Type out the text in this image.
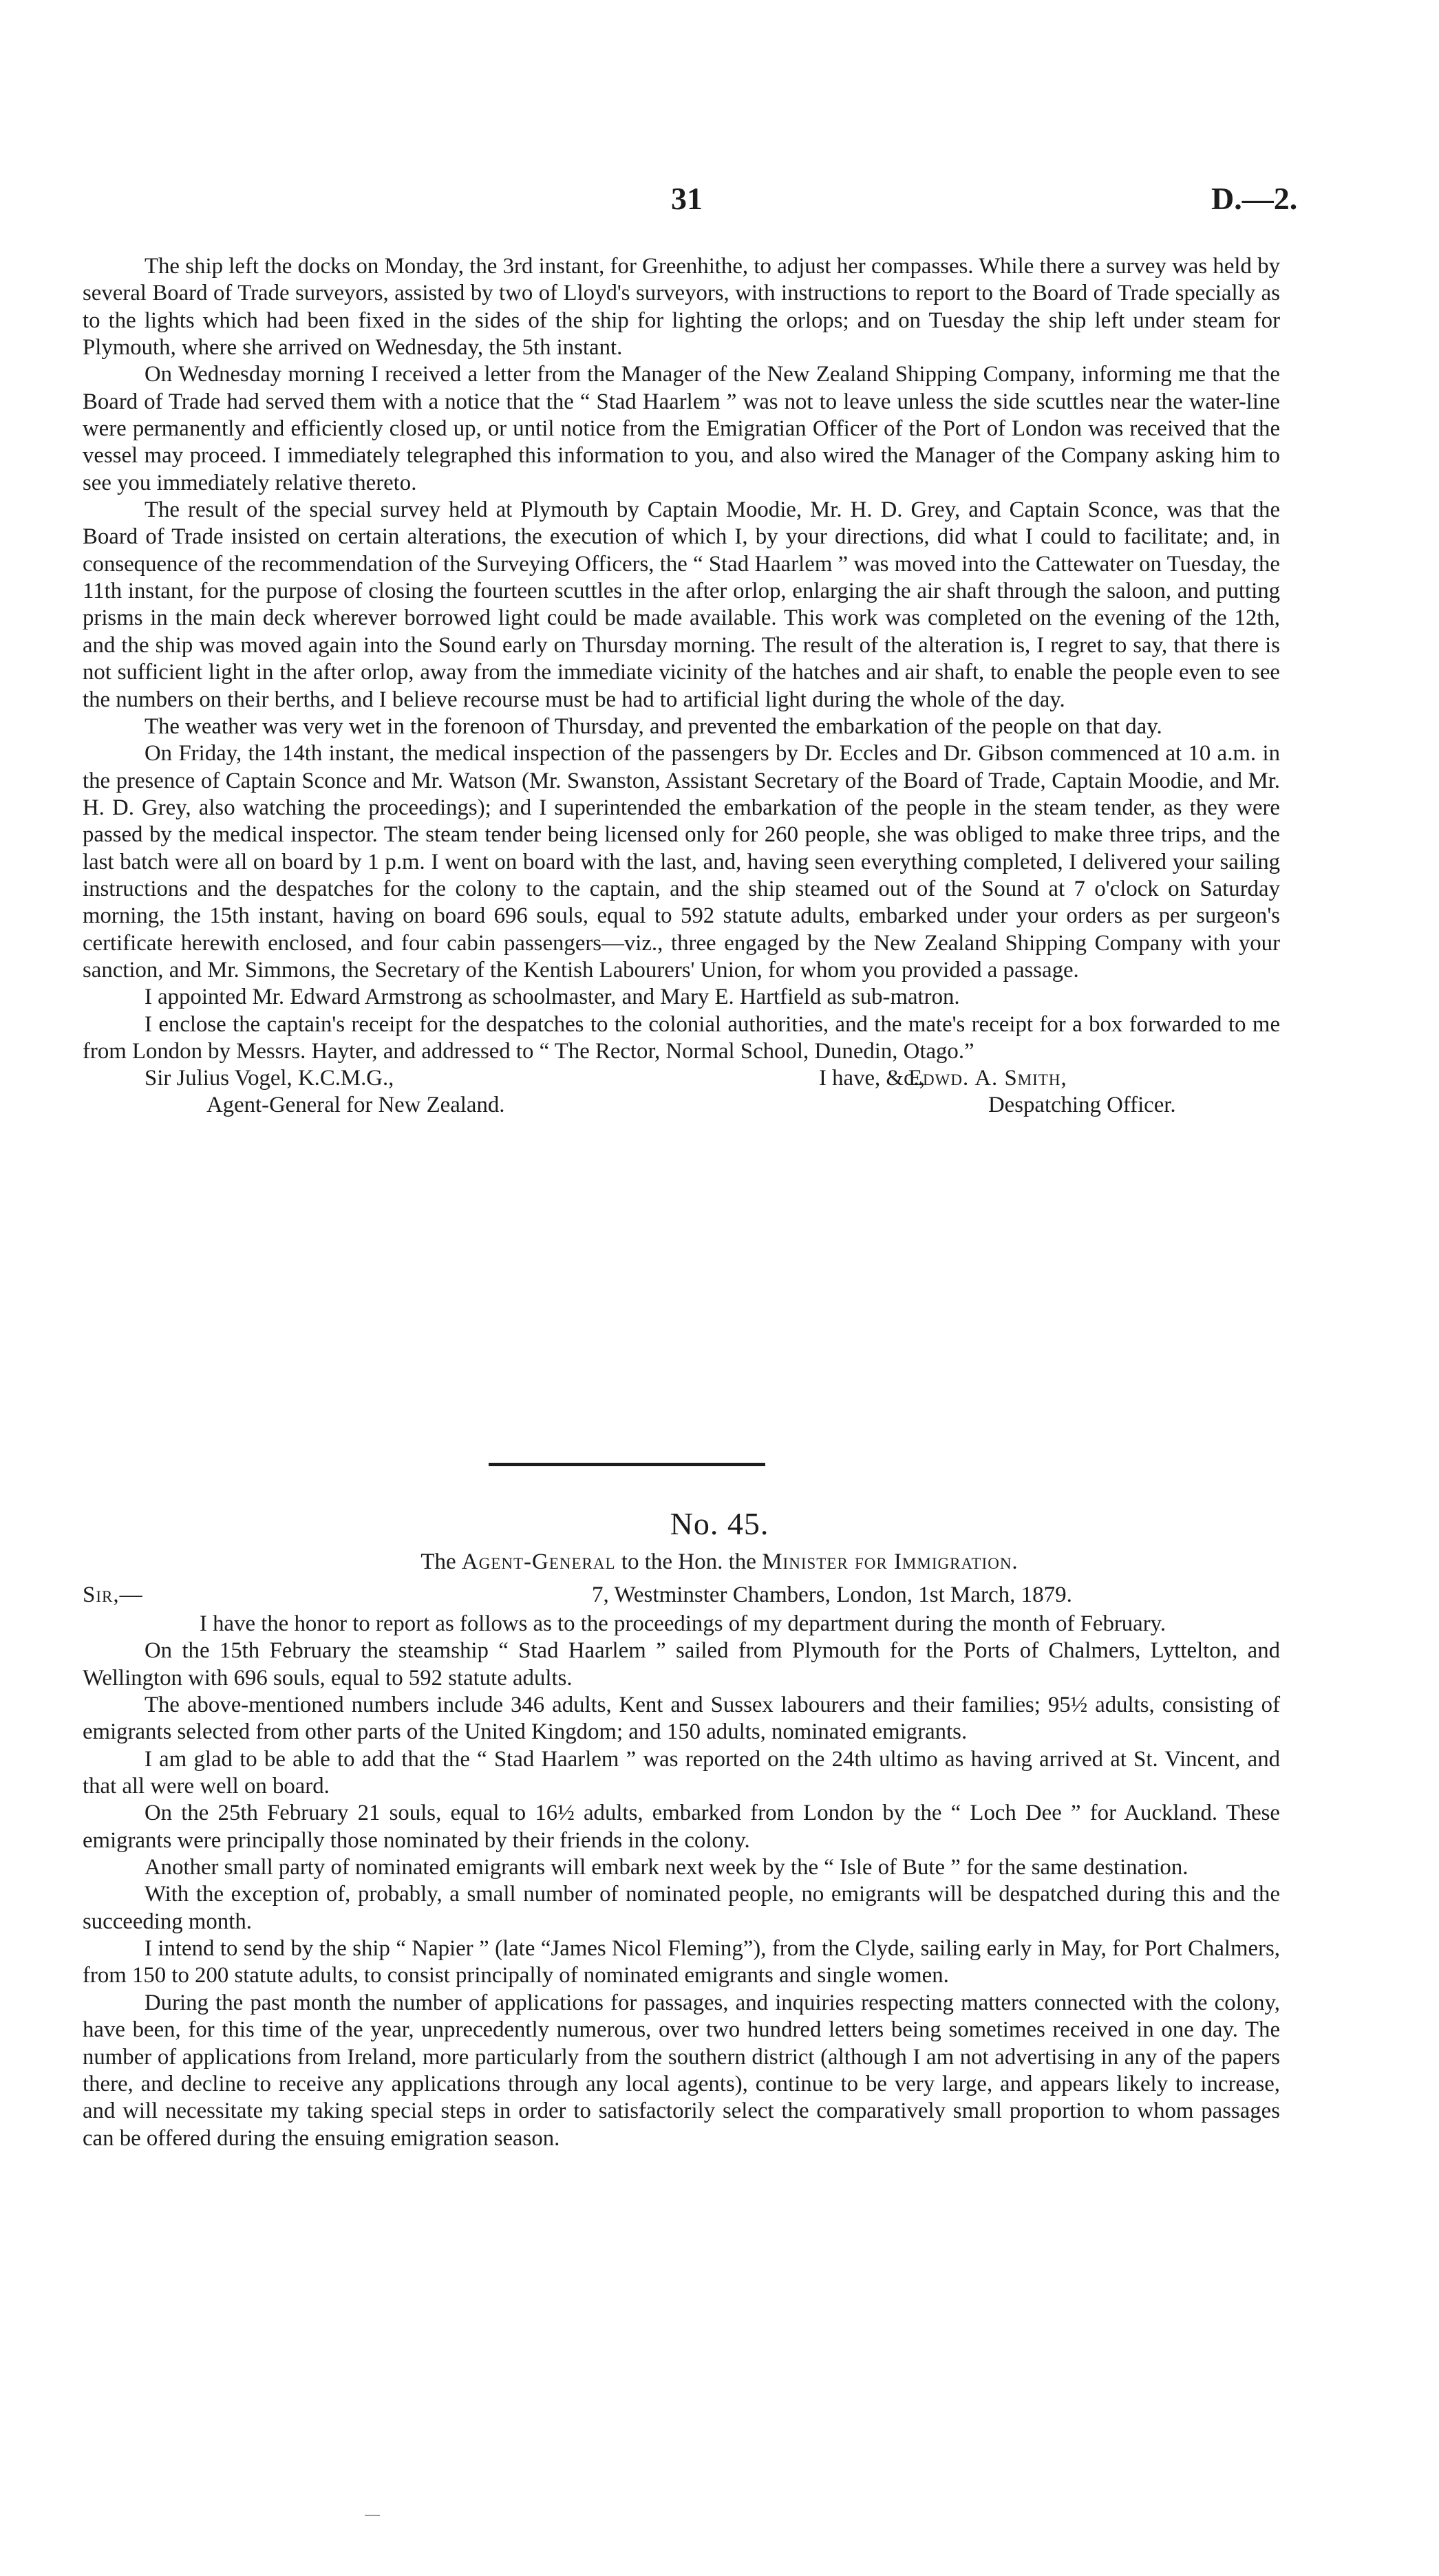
31	D.—2.

The ship left the docks on Monday, the 3rd instant, for Greenhithe, to adjust her compasses. While there a survey was held by several Board of Trade surveyors, assisted by two of Lloyd's surveyors, with instructions to report to the Board of Trade specially as to the lights which had been fixed in the sides of the ship for lighting the orlops; and on Tuesday the ship left under steam for Plymouth, where she arrived on Wednesday, the 5th instant.

On Wednesday morning I received a letter from the Manager of the New Zealand Shipping Company, informing me that the Board of Trade had served them with a notice that the “ Stad Haarlem ” was not to leave unless the side scuttles near the water-line were permanently and efficiently closed up, or until notice from the Emigratian Officer of the Port of London was received that the vessel may proceed. I immediately telegraphed this information to you, and also wired the Manager of the Company asking him to see you immediately relative thereto.

The result of the special survey held at Plymouth by Captain Moodie, Mr. H. D. Grey, and Captain Sconce, was that the Board of Trade insisted on certain alterations, the execution of which I, by your directions, did what I could to facilitate; and, in consequence of the recommendation of the Surveying Officers, the “ Stad Haarlem ” was moved into the Cattewater on Tuesday, the 11th instant, for the purpose of closing the fourteen scuttles in the after orlop, enlarging the air shaft through the saloon, and putting prisms in the main deck wherever borrowed light could be made available. This work was completed on the evening of the 12th, and the ship was moved again into the Sound early on Thursday morning. The result of the alteration is, I regret to say, that there is not sufficient light in the after orlop, away from the immediate vicinity of the hatches and air shaft, to enable the people even to see the numbers on their berths, and I believe recourse must be had to artificial light during the whole of the day.

The weather was very wet in the forenoon of Thursday, and prevented the embarkation of the people on that day.

On Friday, the 14th instant, the medical inspection of the passengers by Dr. Eccles and Dr. Gibson commenced at 10 a.m. in the presence of Captain Sconce and Mr. Watson (Mr. Swanston, Assistant Secretary of the Board of Trade, Captain Moodie, and Mr. H. D. Grey, also watching the proceedings); and I superintended the embarkation of the people in the steam tender, as they were passed by the medical inspector. The steam tender being licensed only for 260 people, she was obliged to make three trips, and the last batch were all on board by 1 p.m. I went on board with the last, and, having seen everything completed, I delivered your sailing instructions and the despatches for the colony to the captain, and the ship steamed out of the Sound at 7 o'clock on Saturday morning, the 15th instant, having on board 696 souls, equal to 592 statute adults, embarked under your orders as per surgeon's certificate herewith enclosed, and four cabin passengers—viz., three engaged by the New Zealand Shipping Company with your sanction, and Mr. Simmons, the Secretary of the Kentish Labourers' Union, for whom you provided a passage.

I appointed Mr. Edward Armstrong as schoolmaster, and Mary E. Hartfield as sub-matron.

I enclose the captain's receipt for the despatches to the colonial authorities, and the mate's receipt for a box forwarded to me from London by Messrs. Hayter, and addressed to “ The Rector, Normal School, Dunedin, Otago.”

Sir Julius Vogel, K.C.M.G.,	I have, &c.,
Edwd. A. Smith,
Agent-General for New Zealand.	Despatching Officer.
No. 45.
The Agent-General to the Hon. the Minister for Immigration.
Sir,—	7, Westminster Chambers, London, 1st March, 1879.

I have the honor to report as follows as to the proceedings of my department during the month of February.

On the 15th February the steamship “ Stad Haarlem ” sailed from Plymouth for the Ports of Chalmers, Lyttelton, and Wellington with 696 souls, equal to 592 statute adults.

The above-mentioned numbers include 346 adults, Kent and Sussex labourers and their families; 95½ adults, consisting of emigrants selected from other parts of the United Kingdom; and 150 adults, nominated emigrants.

I am glad to be able to add that the “ Stad Haarlem ” was reported on the 24th ultimo as having arrived at St. Vincent, and that all were well on board.

On the 25th February 21 souls, equal to 16½ adults, embarked from London by the “ Loch Dee ” for Auckland. These emigrants were principally those nominated by their friends in the colony.

Another small party of nominated emigrants will embark next week by the “ Isle of Bute ” for the same destination.

With the exception of, probably, a small number of nominated people, no emigrants will be despatched during this and the succeeding month.

I intend to send by the ship “ Napier ” (late “James Nicol Fleming”), from the Clyde, sailing early in May, for Port Chalmers, from 150 to 200 statute adults, to consist principally of nominated emigrants and single women.

During the past month the number of applications for passages, and inquiries respecting matters connected with the colony, have been, for this time of the year, unprecedently numerous, over two hundred letters being sometimes received in one day. The number of applications from Ireland, more particularly from the southern district (although I am not advertising in any of the papers there, and decline to receive any applications through any local agents), continue to be very large, and appears likely to increase, and will necessitate my taking special steps in order to satisfactorily select the comparatively small proportion to whom passages can be offered during the ensuing emigration season.
